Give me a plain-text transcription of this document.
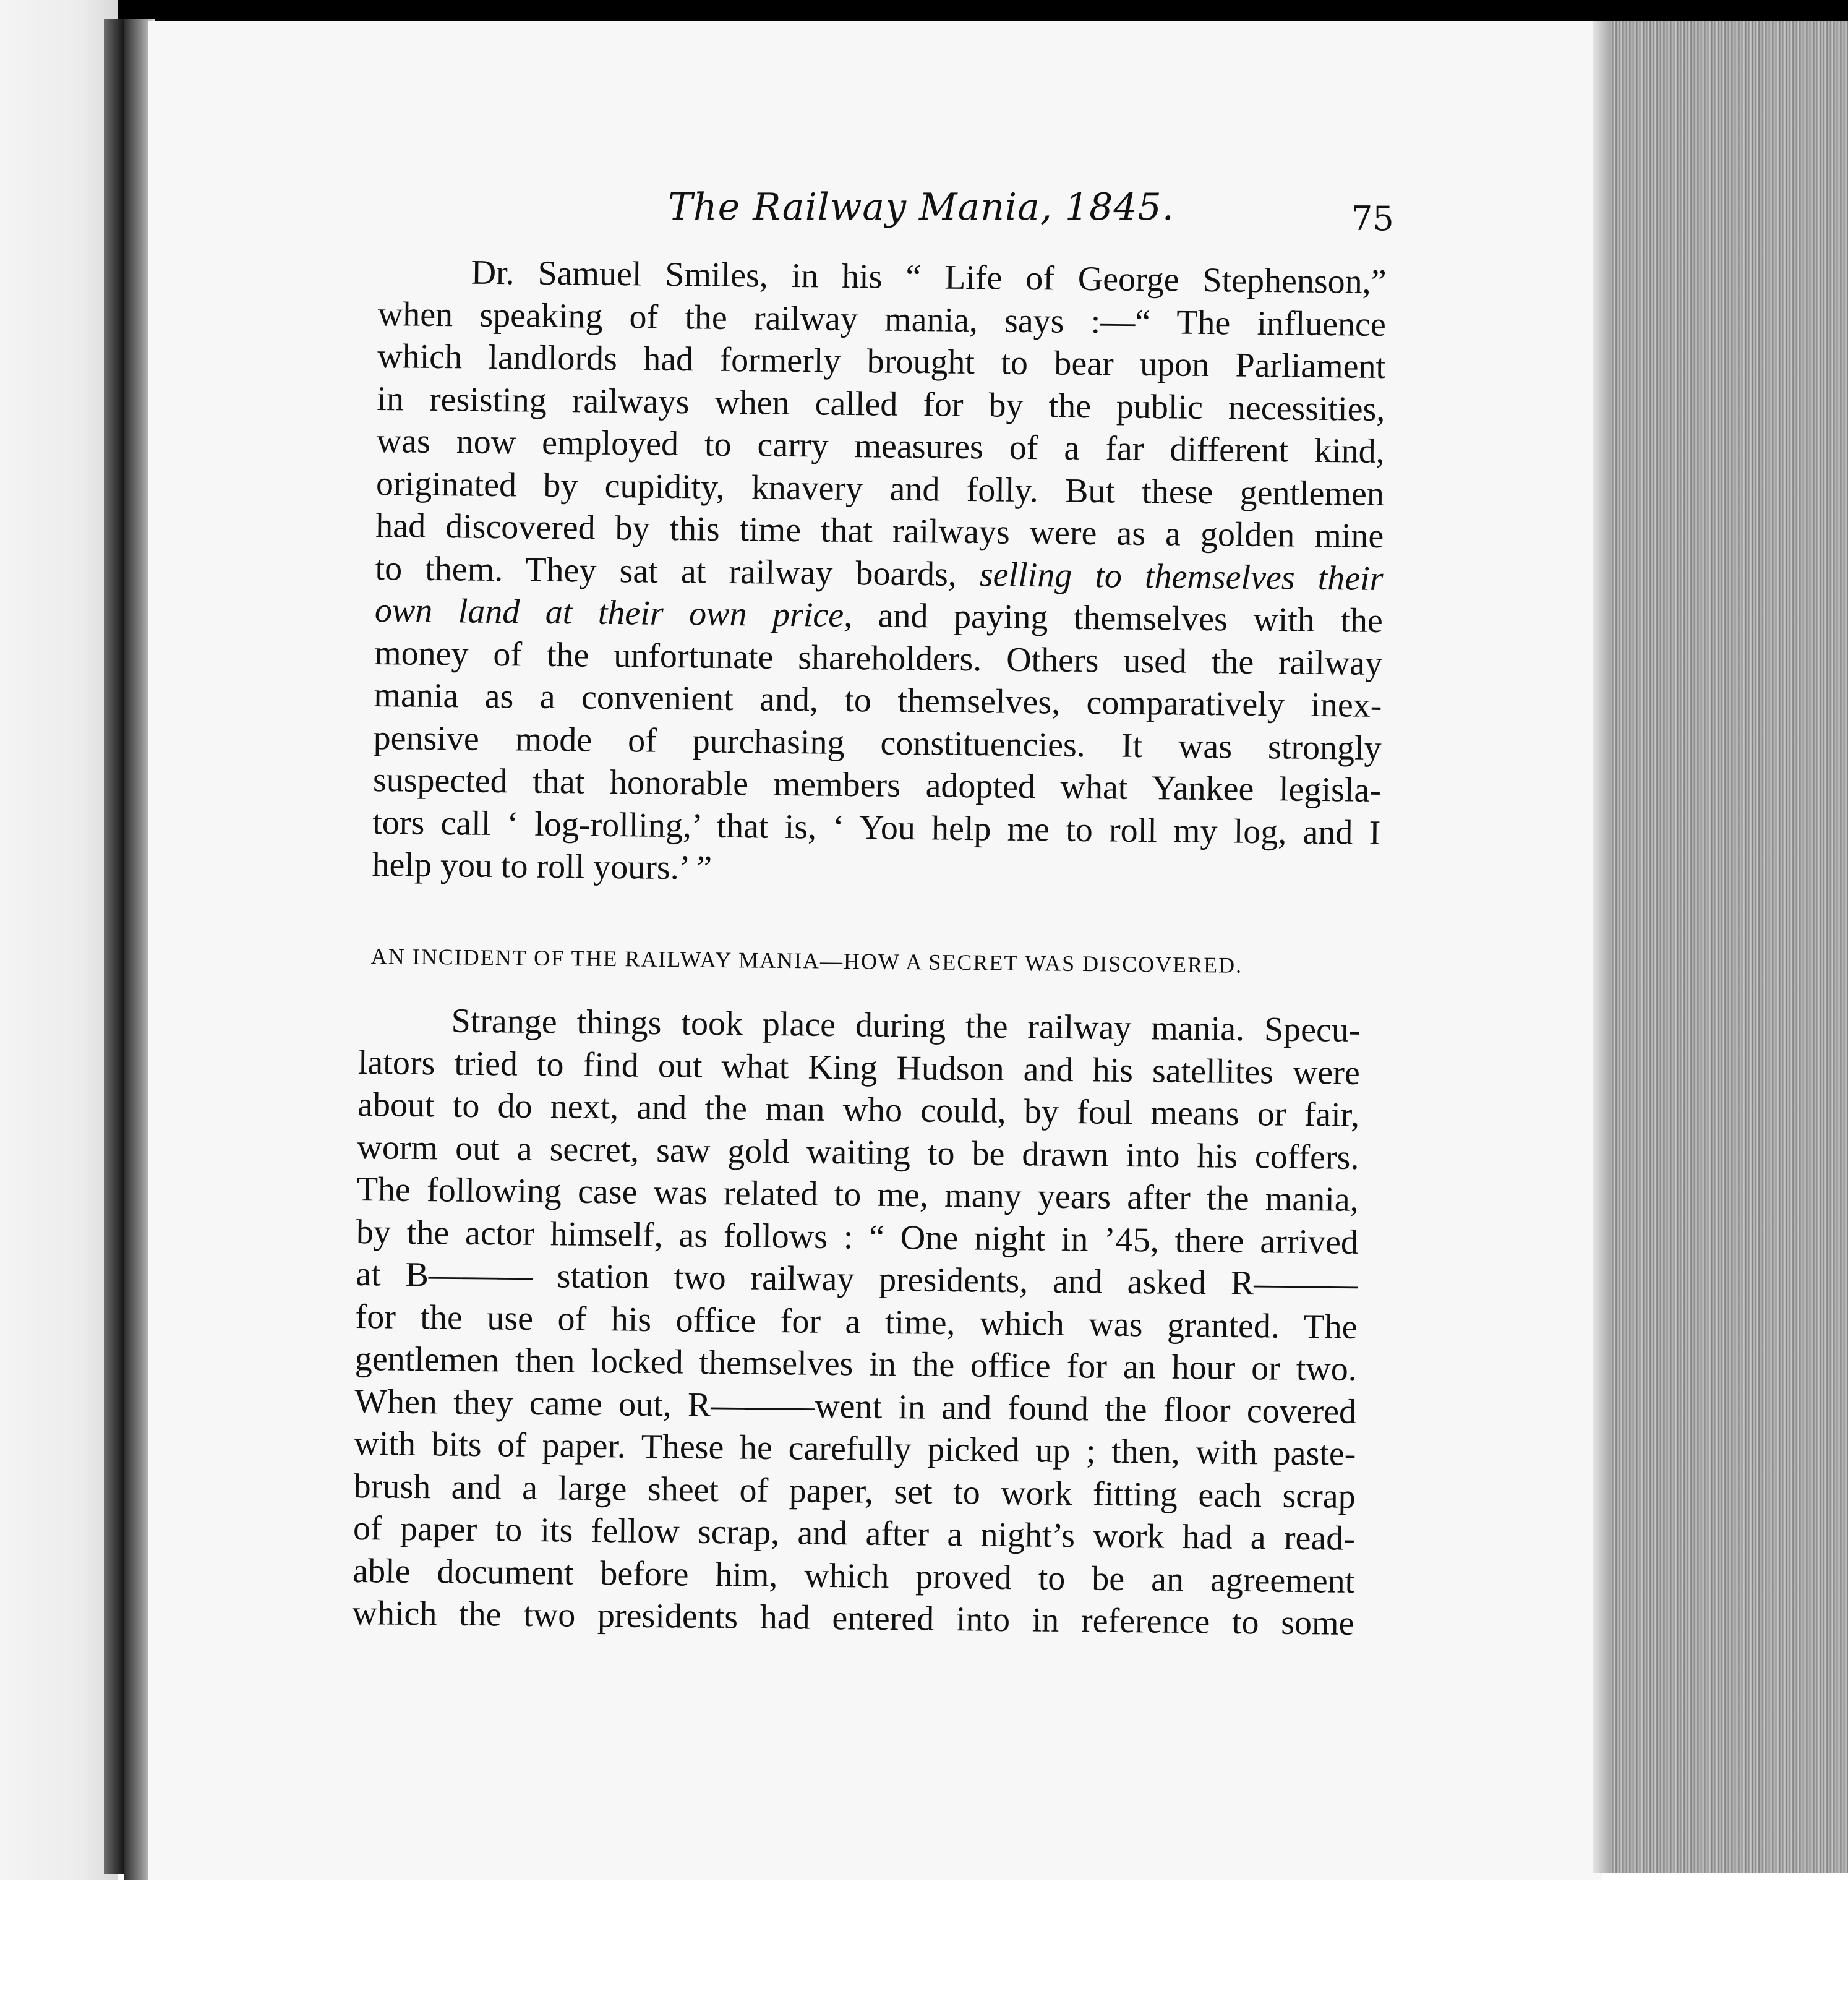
The Railway Mania, 1845.	75
Dr. Samuel Smiles, in his “ Life of George Stephenson,”
when speaking of the railway mania, says :—“ The influence
which landlords had formerly brought to bear upon Parliament
in resisting railways when called for by the public necessities,
was now employed to carry measures of a far different kind,
originated by cupidity, knavery and folly. But these gentlemen
had discovered by this time that railways were as a golden mine
to them. They sat at railway boards, selling to themselves their
own land at their own price, and paying themselves with the
money of the unfortunate shareholders. Others used the railway
mania as a convenient and, to themselves, comparatively inex-
pensive mode of purchasing constituencies. It was strongly
suspected that honorable members adopted what Yankee legisla-
tors call ‘ log-rolling,’ that is, ‘ You help me to roll my log, and I
help you to roll yours.’ ”
AN INCIDENT OF THE RAILWAY MANIA—HOW A SECRET WAS DISCOVERED.
Strange things took place during the railway mania. Specu-
lators tried to find out what King Hudson and his satellites were
about to do next, and the man who could, by foul means or fair,
worm out a secret, saw gold waiting to be drawn into his coffers.
The following case was related to me, many years after the mania,
by the actor himself, as follows : “ One night in ’45, there arrived
at B——— station two railway presidents, and asked R———
for the use of his office for a time, which was granted. The
gentlemen then locked themselves in the office for an hour or two.
When they came out, R———went in and found the floor covered
with bits of paper. These he carefully picked up ; then, with paste-
brush and a large sheet of paper, set to work fitting each scrap
of paper to its fellow scrap, and after a night’s work had a read-
able document before him, which proved to be an agreement
which the two presidents had entered into in reference to some
